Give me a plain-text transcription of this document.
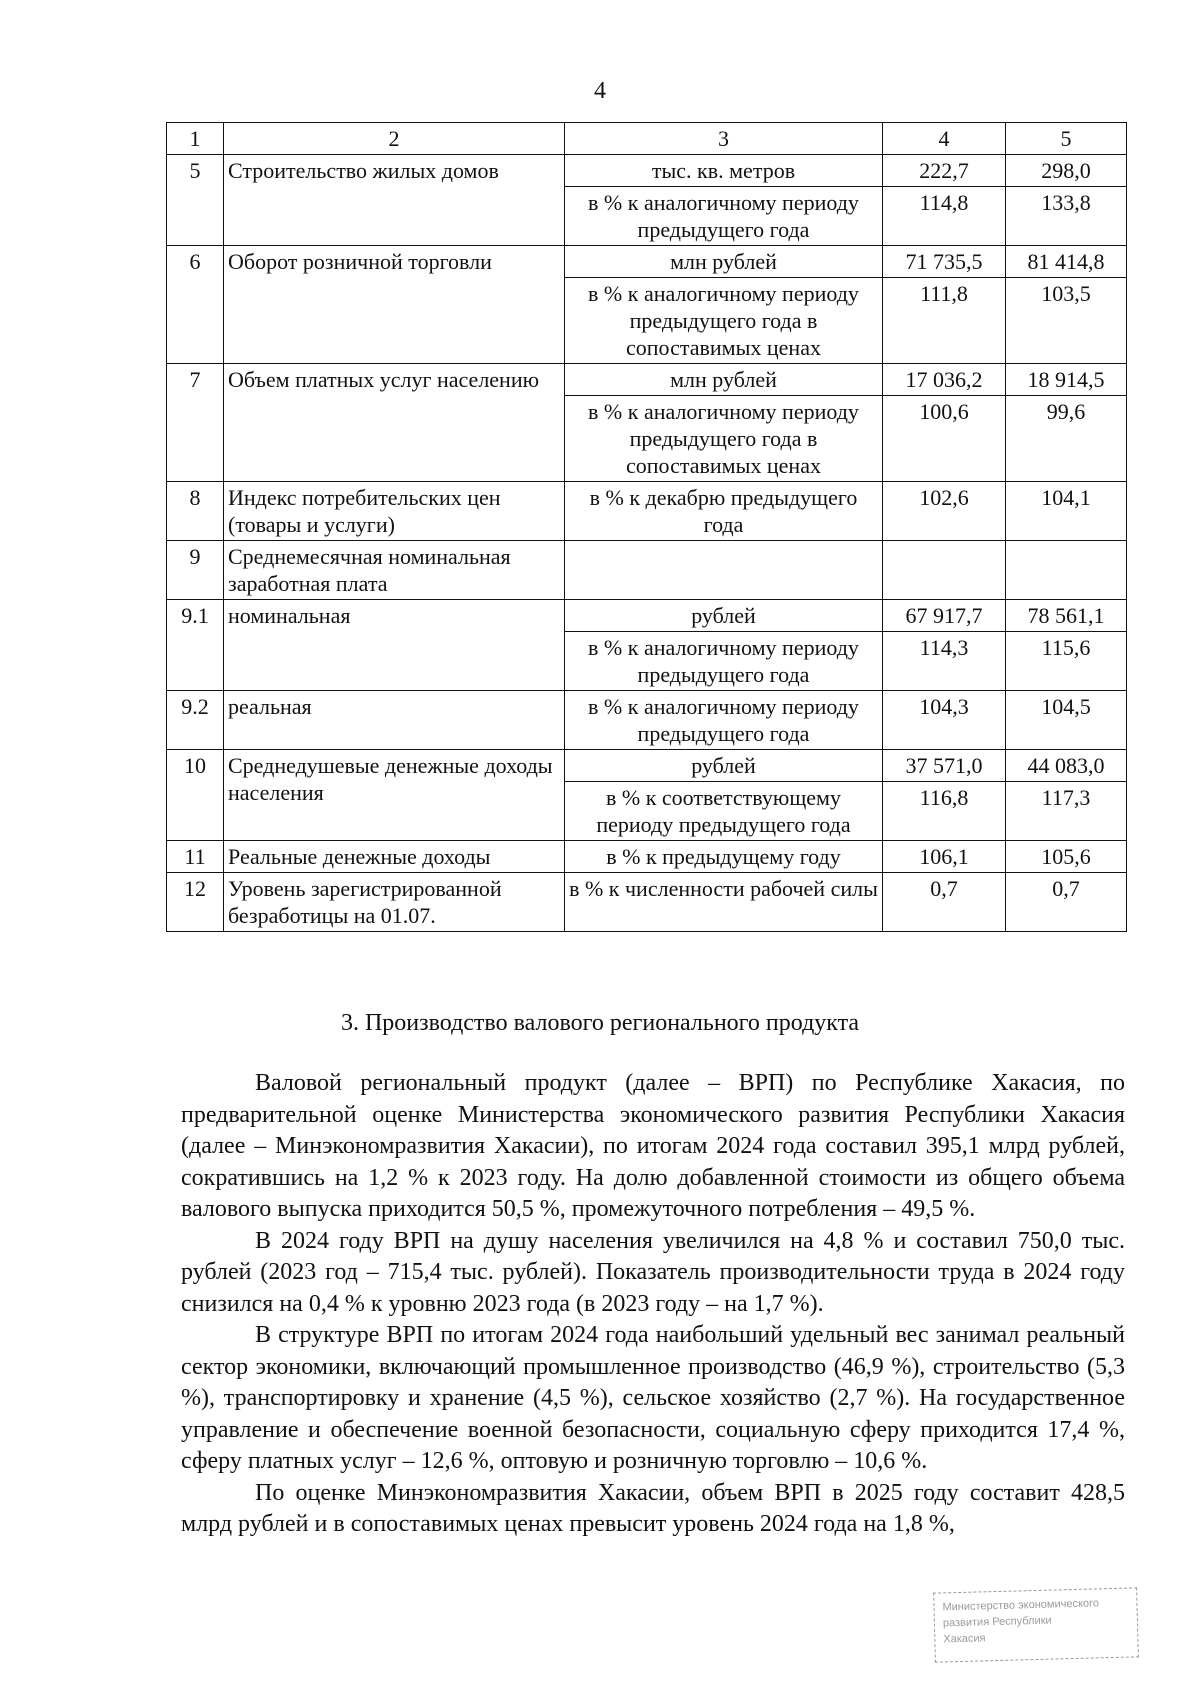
4
1	2	3	4	5
5	Строительство жилых домов	тыс. кв. метров	222,7	298,0
		в % к аналогичному периоду предыдущего года	114,8	133,8
6	Оборот розничной торговли	млн рублей	71 735,5	81 414,8
		в % к аналогичному периоду предыдущего года в сопоставимых ценах	111,8	103,5
7	Объем платных услуг населению	млн рублей	17 036,2	18 914,5
		в % к аналогичному периоду предыдущего года в сопоставимых ценах	100,6	99,6
8	Индекс потребительских цен (товары и услуги)	в % к декабрю предыдущего года	102,6	104,1
9	Среднемесячная номинальная заработная плата			
9.1	номинальная	рублей	67 917,7	78 561,1
		в % к аналогичному периоду предыдущего года	114,3	115,6
9.2	реальная	в % к аналогичному периоду предыдущего года	104,3	104,5
10	Среднедушевые денежные доходы населения	рублей	37 571,0	44 083,0
		в % к соответствующему периоду предыдущего года	116,8	117,3
11	Реальные денежные доходы	в % к предыдущему году	106,1	105,6
12	Уровень зарегистрированной безработицы на 01.07.	в % к численности рабочей силы	0,7	0,7
3. Производство валового регионального продукта

Валовой региональный продукт (далее – ВРП) по Республике Хакасия, по предварительной оценке Министерства экономического развития Республики Хакасия (далее – Минэкономразвития Хакасии), по итогам 2024 года составил 395,1 млрд рублей, сократившись на 1,2 % к 2023 году. На долю добавленной стоимости из общего объема валового выпуска приходится 50,5 %, промежуточного потребления – 49,5 %.

В 2024 году ВРП на душу населения увеличился на 4,8 % и составил 750,0 тыс. рублей (2023 год – 715,4 тыс. рублей). Показатель производительности труда в 2024 году снизился на 0,4 % к уровню 2023 года (в 2023 году – на 1,7 %).

В структуре ВРП по итогам 2024 года наибольший удельный вес занимал реальный сектор экономики, включающий промышленное производство (46,9 %), строительство (5,3 %), транспортировку и хранение (4,5 %), сельское хозяйство (2,7 %). На государственное управление и обеспечение военной безопасности, социальную сферу приходится 17,4 %, сферу платных услуг – 12,6 %, оптовую и розничную торговлю – 10,6 %.

По оценке Минэкономразвития Хакасии, объем ВРП в 2025 году составит 428,5 млрд рублей и в сопоставимых ценах превысит уровень 2024 года на 1,8 %,

Министерство экономического
развития Республики
Хакасия
